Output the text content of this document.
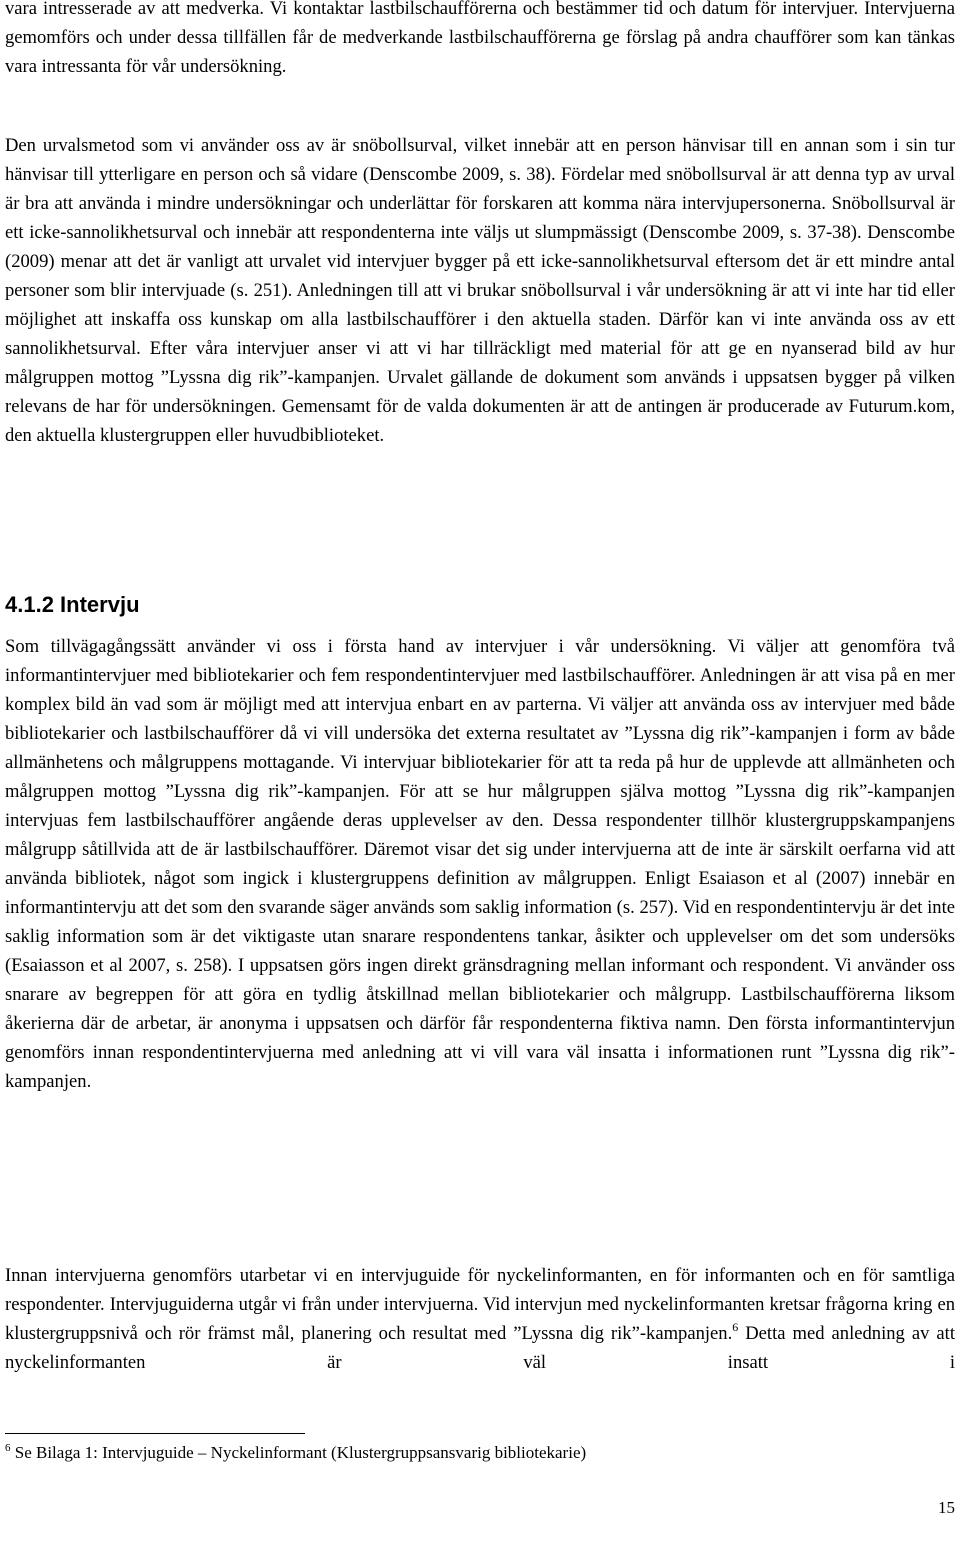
vara intresserade av att medverka. Vi kontaktar lastbilschaufförerna och bestämmer tid och datum för intervjuer. Intervjuerna gemomförs och under dessa tillfällen får de medverkande lastbilschaufförerna ge förslag på andra chaufförer som kan tänkas vara intressanta för vår undersökning.

Den urvalsmetod som vi använder oss av är snöbollsurval, vilket innebär att en person hänvisar till en annan som i sin tur hänvisar till ytterligare en person och så vidare (Denscombe 2009, s. 38). Fördelar med snöbollsurval är att denna typ av urval är bra att använda i mindre undersökningar och underlättar för forskaren att komma nära intervjupersonerna. Snöbollsurval är ett icke-sannolikhetsurval och innebär att respondenterna inte väljs ut slumpmässigt (Denscombe 2009, s. 37-38). Denscombe (2009) menar att det är vanligt att urvalet vid intervjuer bygger på ett icke-sannolikhetsurval eftersom det är ett mindre antal personer som blir intervjuade (s. 251). Anledningen till att vi brukar snöbollsurval i vår undersökning är att vi inte har tid eller möjlighet att inskaffa oss kunskap om alla lastbilschaufförer i den aktuella staden. Därför kan vi inte använda oss av ett sannolikhetsurval. Efter våra intervjuer anser vi att vi har tillräckligt med material för att ge en nyanserad bild av hur målgruppen mottog ”Lyssna dig rik”-kampanjen. Urvalet gällande de dokument som används i uppsatsen bygger på vilken relevans de har för undersökningen. Gemensamt för de valda dokumenten är att de antingen är producerade av Futurum.kom, den aktuella klustergruppen eller huvudbiblioteket.

4.1.2 Intervju

Som tillvägagångssätt använder vi oss i första hand av intervjuer i vår undersökning. Vi väljer att genomföra två informantintervjuer med bibliotekarier och fem respondentintervjuer med lastbilschaufförer. Anledningen är att visa på en mer komplex bild än vad som är möjligt med att intervjua enbart en av parterna. Vi väljer att använda oss av intervjuer med både bibliotekarier och lastbilschaufförer då vi vill undersöka det externa resultatet av ”Lyssna dig rik”-kampanjen i form av både allmänhetens och målgruppens mottagande. Vi intervjuar bibliotekarier för att ta reda på hur de upplevde att allmänheten och målgruppen mottog ”Lyssna dig rik”-kampanjen. För att se hur målgruppen själva mottog ”Lyssna dig rik”-kampanjen intervjuas fem lastbilschaufförer angående deras upplevelser av den. Dessa respondenter tillhör klustergruppskampanjens målgrupp såtillvida att de är lastbilschaufförer. Däremot visar det sig under intervjuerna att de inte är särskilt oerfarna vid att använda bibliotek, något som ingick i klustergruppens definition av målgruppen. Enligt Esaiason et al (2007) innebär en informantintervju att det som den svarande säger används som saklig information (s. 257). Vid en respondentintervju är det inte saklig information som är det viktigaste utan snarare respondentens tankar, åsikter och upplevelser om det som undersöks (Esaiasson et al 2007, s. 258). I uppsatsen görs ingen direkt gränsdragning mellan informant och respondent. Vi använder oss snarare av begreppen för att göra en tydlig åtskillnad mellan bibliotekarier och målgrupp. Lastbilschaufförerna liksom åkerierna där de arbetar, är anonyma i uppsatsen och därför får respondenterna fiktiva namn. Den första informantintervjun genomförs innan respondentintervjuerna med anledning att vi vill vara väl insatta i informationen runt ”Lyssna dig rik”-kampanjen.

Innan intervjuerna genomförs utarbetar vi en intervjuguide för nyckelinformanten, en för informanten och en för samtliga respondenter. Intervjuguiderna utgår vi från under intervjuerna. Vid intervjun med nyckelinformanten kretsar frågorna kring en klustergruppsnivå och rör främst mål, planering och resultat med ”Lyssna dig rik”-kampanjen.$^6$ Detta med anledning av att nyckelinformanten är väl insatt i

$^6$ Se Bilaga 1: Intervjuguide – Nyckelinformant (Klustergruppsansvarig bibliotekarie)

15
